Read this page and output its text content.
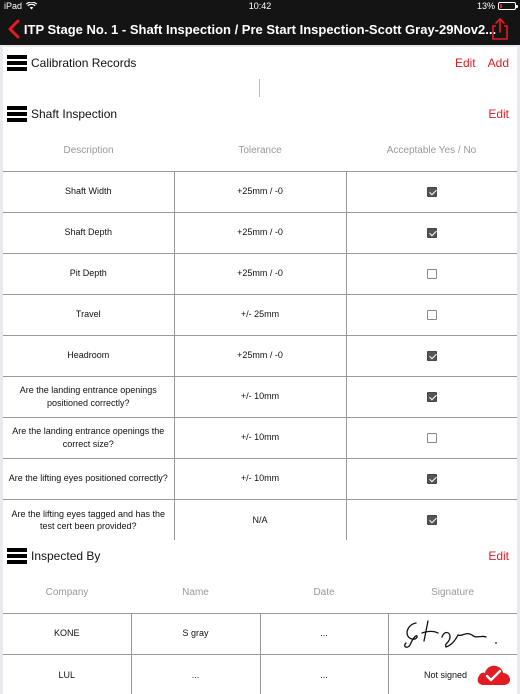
iPad	10:42	13%
ITP Stage No. 1 - Shaft Inspection / Pre Start Inspection-Scott Gray-29Nov2...
Calibration Records	Edit Add
Shaft Inspection	Edit
Description	Tolerance	Acceptable Yes / No
Shaft Width	+25mm / -0	
Shaft Depth	+25mm / -0	
Pit Depth	+25mm / -0	
Travel	+/- 25mm	
Headroom	+25mm / -0	
Are the landing entrance openings positioned correctly?	+/- 10mm	
Are the landing entrance openings the correct size?	+/- 10mm	
Are the lifting eyes positioned correctly?	+/- 10mm	
Are the lifting eyes tagged and has the test cert been provided?	N/A	
Inspected By	Edit
Company	Name	Date	Signature
KONE	S gray	...	
LUL	...	...	Not signed
